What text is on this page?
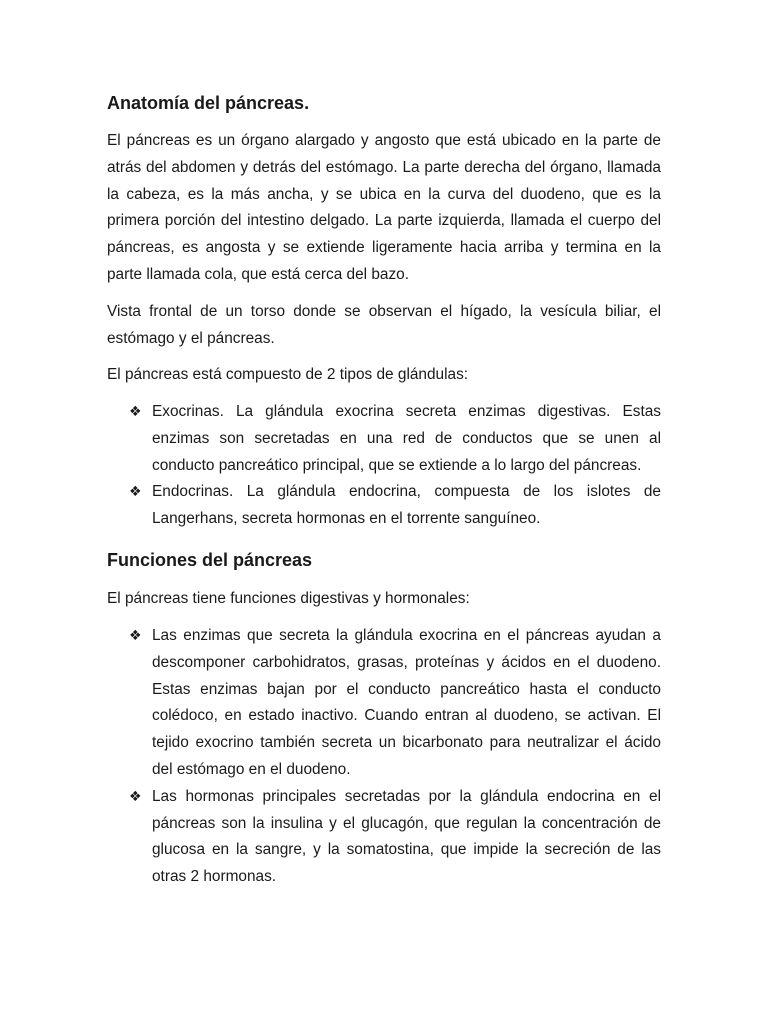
Anatomía del páncreas.

El páncreas es un órgano alargado y angosto que está ubicado en la parte de atrás del abdomen y detrás del estómago. La parte derecha del órgano, llamada la cabeza, es la más ancha, y se ubica en la curva del duodeno, que es la primera porción del intestino delgado. La parte izquierda, llamada el cuerpo del páncreas, es angosta y se extiende ligeramente hacia arriba y termina en la parte llamada cola, que está cerca del bazo.

Vista frontal de un torso donde se observan el hígado, la vesícula biliar, el estómago y el páncreas.

El páncreas está compuesto de 2 tipos de glándulas:

❖ Exocrinas. La glándula exocrina secreta enzimas digestivas. Estas enzimas son secretadas en una red de conductos que se unen al conducto pancreático principal, que se extiende a lo largo del páncreas.
❖ Endocrinas. La glándula endocrina, compuesta de los islotes de Langerhans, secreta hormonas en el torrente sanguíneo.
Funciones del páncreas

El páncreas tiene funciones digestivas y hormonales:

❖ Las enzimas que secreta la glándula exocrina en el páncreas ayudan a descomponer carbohidratos, grasas, proteínas y ácidos en el duodeno. Estas enzimas bajan por el conducto pancreático hasta el conducto colédoco, en estado inactivo. Cuando entran al duodeno, se activan. El tejido exocrino también secreta un bicarbonato para neutralizar el ácido del estómago en el duodeno.
❖ Las hormonas principales secretadas por la glándula endocrina en el páncreas son la insulina y el glucagón, que regulan la concentración de glucosa en la sangre, y la somatostina, que impide la secreción de las otras 2 hormonas.
